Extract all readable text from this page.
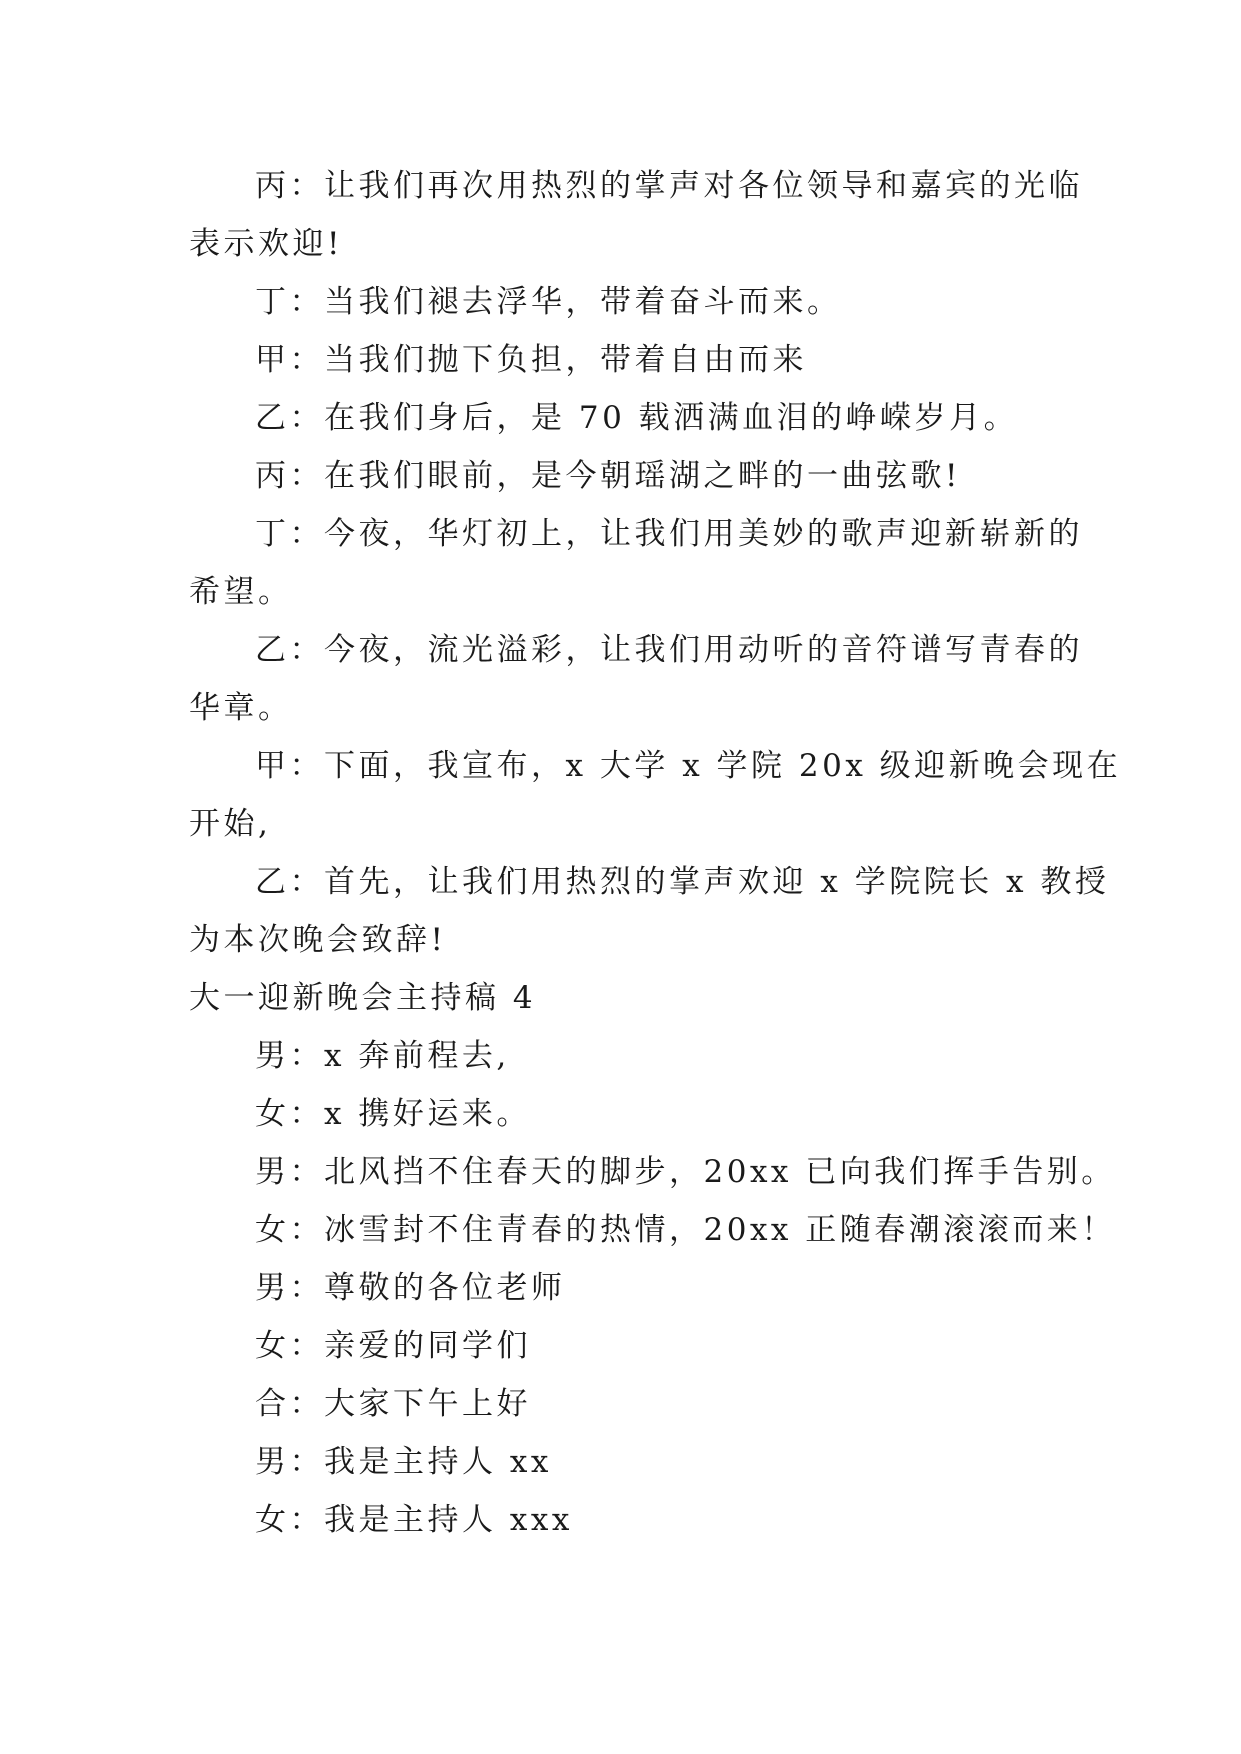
丙：让我们再次用热烈的掌声对各位领导和嘉宾的光临
表示欢迎!
丁：当我们褪去浮华，带着奋斗而来。
甲：当我们抛下负担，带着自由而来
乙：在我们身后，是 70 载洒满血泪的峥嵘岁月。
丙：在我们眼前，是今朝瑶湖之畔的一曲弦歌!
丁：今夜，华灯初上，让我们用美妙的歌声迎新崭新的
希望。
乙：今夜，流光溢彩，让我们用动听的音符谱写青春的
华章。
甲：下面，我宣布，x 大学 x 学院 20x 级迎新晚会现在
开始,
乙：首先，让我们用热烈的掌声欢迎 x 学院院长 x 教授
为本次晚会致辞!
大一迎新晚会主持稿 4
男：x 奔前程去,
女：x 携好运来。
男：北风挡不住春天的脚步，20xx 已向我们挥手告别。
女：冰雪封不住青春的热情，20xx 正随春潮滚滚而来！
男：尊敬的各位老师
女：亲爱的同学们
合：大家下午上好
男：我是主持人 xx
女：我是主持人 xxx
